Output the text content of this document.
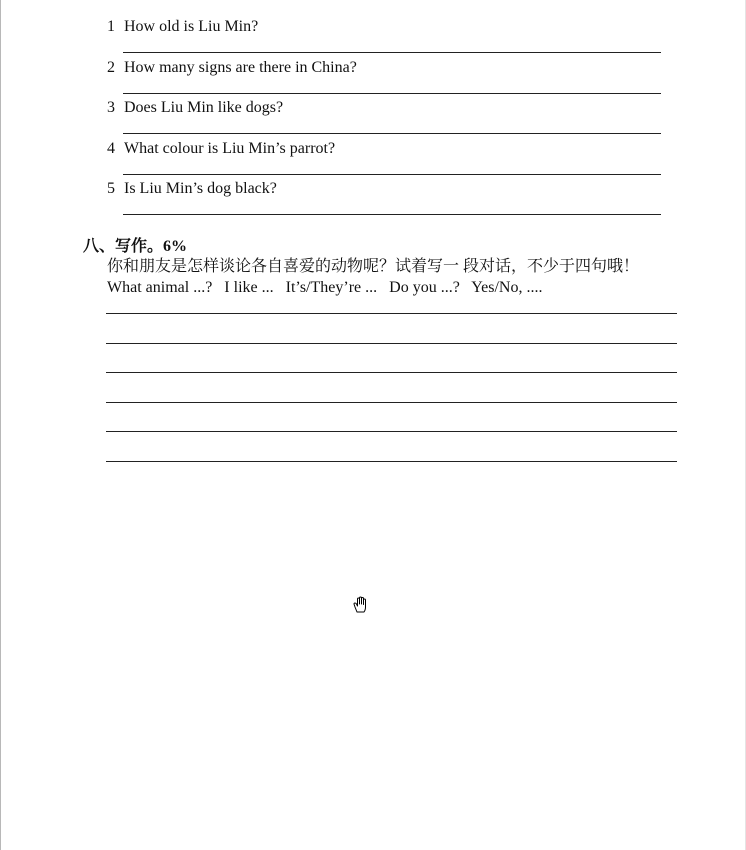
1 How old is Liu Min?
2 How many signs are there in China?
3 Does Liu Min like dogs?
4 What colour is Liu Min’s parrot?
5 Is Liu Min’s dog black?
八、写作。6%
你和朋友是怎样谈论各自喜爱的动物呢？试着写一 段对话，不少于四句哦！
What animal ...?   I like ...   It’s/They’re ...   Do you ...?   Yes/No, ....
